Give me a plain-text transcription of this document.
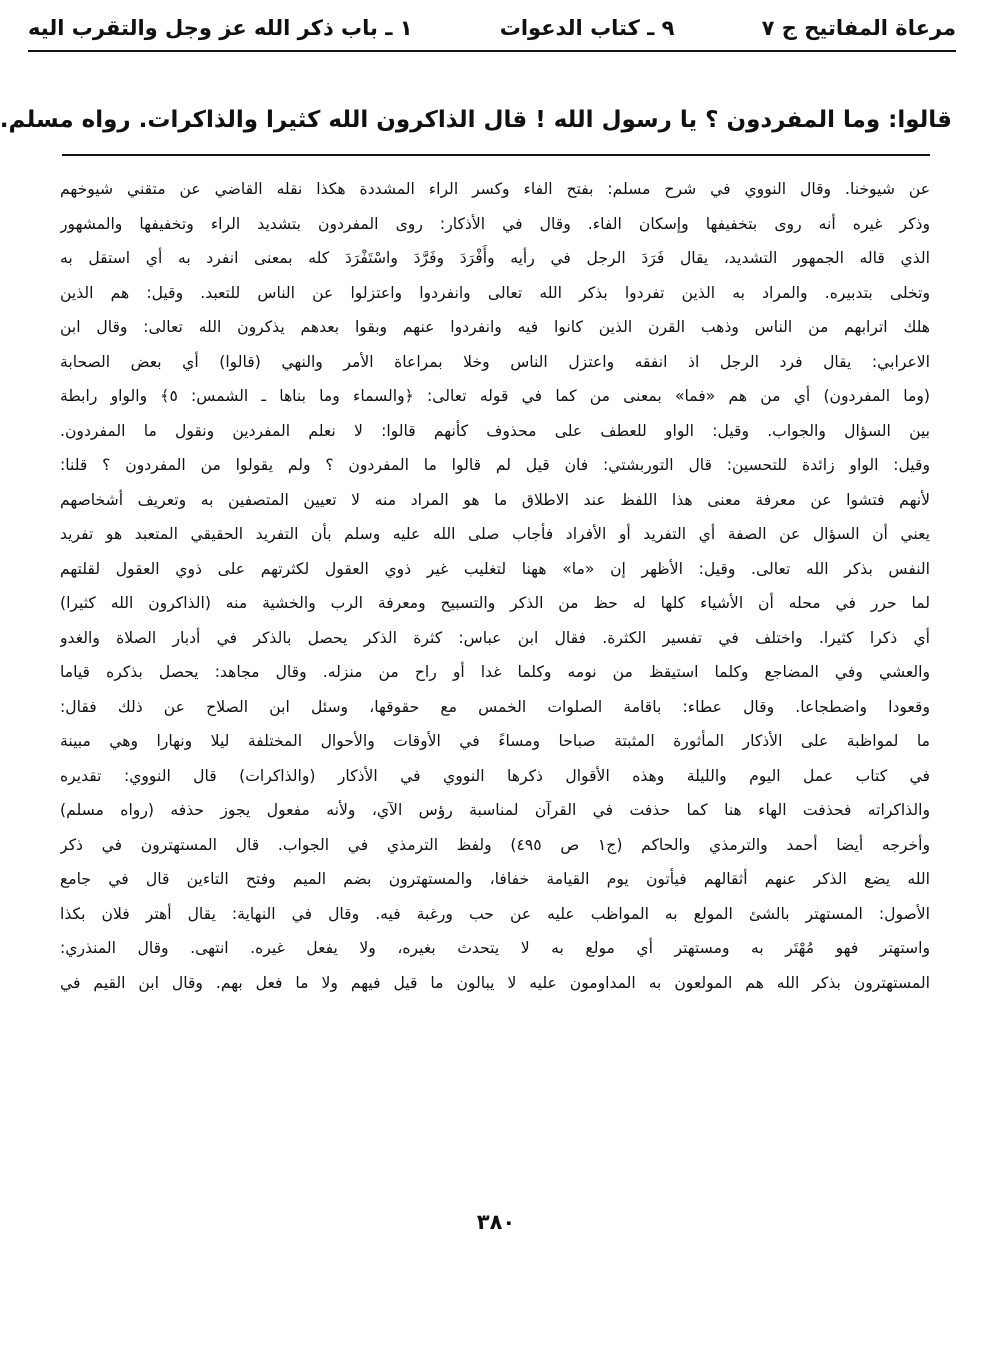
مرعاة المفاتيح ج ٧
٩ ـ كتاب الدعوات
١ ـ باب ذكر الله عز وجل والتقرب اليه
قالوا: وما المفردون ؟ يا رسول الله ! قال الذاكرون الله كثيرا والذاكرات. رواه مسلم.
عن شيوخنا. وقال النووي في شرح مسلم: بفتح الفاء وكسر الراء المشددة هكذا نقله القاضي عن متقني شيوخهم
وذكر غيره أنه روى بتخفيفها وإسكان الفاء. وقال في الأذكار: روى المفردون بتشديد الراء وتخفيفها والمشهور
الذي قاله الجمهور التشديد، يقال فَرَدَ الرجل في رأيه وأَفْرَدَ وفَرَّدَ واسْتَفْرَدَ كله بمعنى انفرد به أي استقل به
وتخلى بتدبيره. والمراد به الذين تفردوا بذكر الله تعالى وانفردوا واعتزلوا عن الناس للتعبد. وقيل: هم الذين
هلك اترابهم من الناس وذهب القرن الذين كانوا فيه وانفردوا عنهم وبقوا بعدهم يذكرون الله تعالى: وقال ابن
الاعرابي: يقال فرد الرجل اذ انفقه واعتزل الناس وخلا بمراعاة الأمر والنهي (قالوا) أي بعض الصحابة
(وما المفردون) أي من هم «فما» بمعنى من كما في قوله تعالى: ﴿والسماء وما بناها ـ الشمس: ٥﴾ والواو رابطة
بين السؤال والجواب. وقيل: الواو للعطف على محذوف كأنهم قالوا: لا نعلم المفردين ونقول ما المفردون.
وقيل: الواو زائدة للتحسين: قال التوربشتي: فان قيل لم قالوا ما المفردون ؟ ولم يقولوا من المفردون ؟ قلنا:
لأنهم فتشوا عن معرفة معنى هذا اللفظ عند الاطلاق ما هو المراد منه لا تعيين المتصفين به وتعريف أشخاصهم
يعني أن السؤال عن الصفة أي التفريد أو الأفراد فأجاب صلى الله عليه وسلم بأن التفريد الحقيقي المتعبد هو تفريد
النفس بذكر الله تعالى. وقيل: الأظهر إن «ما» ههنا لتغليب غير ذوي العقول لكثرتهم على ذوي العقول لقلتهم
لما حرر في محله أن الأشياء كلها له حظ من الذكر والتسبيح ومعرفة الرب والخشية منه (الذاكرون الله كثيرا)
أي ذكرا كثيرا. واختلف في تفسير الكثرة. فقال ابن عباس: كثرة الذكر يحصل بالذكر في أدبار الصلاة والغدو
والعشي وفي المضاجع وكلما استيقظ من نومه وكلما غدا أو راح من منزله. وقال مجاهد: يحصل بذكره قياما
وقعودا واضطجاعا. وقال عطاء: باقامة الصلوات الخمس مع حقوقها، وسئل ابن الصلاح عن ذلك فقال:
ما لمواظبة على الأذكار المأثورة المثبتة صباحا ومساءً في الأوقات والأحوال المختلفة ليلا ونهارا وهي مبينة
في كتاب عمل اليوم والليلة وهذه الأقوال ذكرها النووي في الأذكار (والذاكرات) قال النووي: تقديره
والذاكراته فحذفت الهاء هنا كما حذفت في القرآن لمناسبة رؤس الآي، ولأنه مفعول يجوز حذفه (رواه مسلم)
وأخرجه أيضا أحمد والترمذي والحاكم (ج١ ص ٤٩٥) ولفظ الترمذي في الجواب. قال المستهترون في ذكر
الله يضع الذكر عنهم أثقالهم فيأتون يوم القيامة خفافا، والمستهترون بضم الميم وفتح التاءين قال في جامع
الأصول: المستهتر بالشئ المولع به المواظب عليه عن حب ورغبة فيه. وقال في النهاية: يقال أهتر فلان بكذا
واستهتر فهو مُهْتَر به ومستهتر أي مولع به لا يتحدث بغيره، ولا يفعل غيره. انتهى. وقال المنذري:
المستهترون بذكر الله هم المولعون به المداومون عليه لا يبالون ما قيل فيهم ولا ما فعل بهم. وقال ابن القيم في
٣٨٠
